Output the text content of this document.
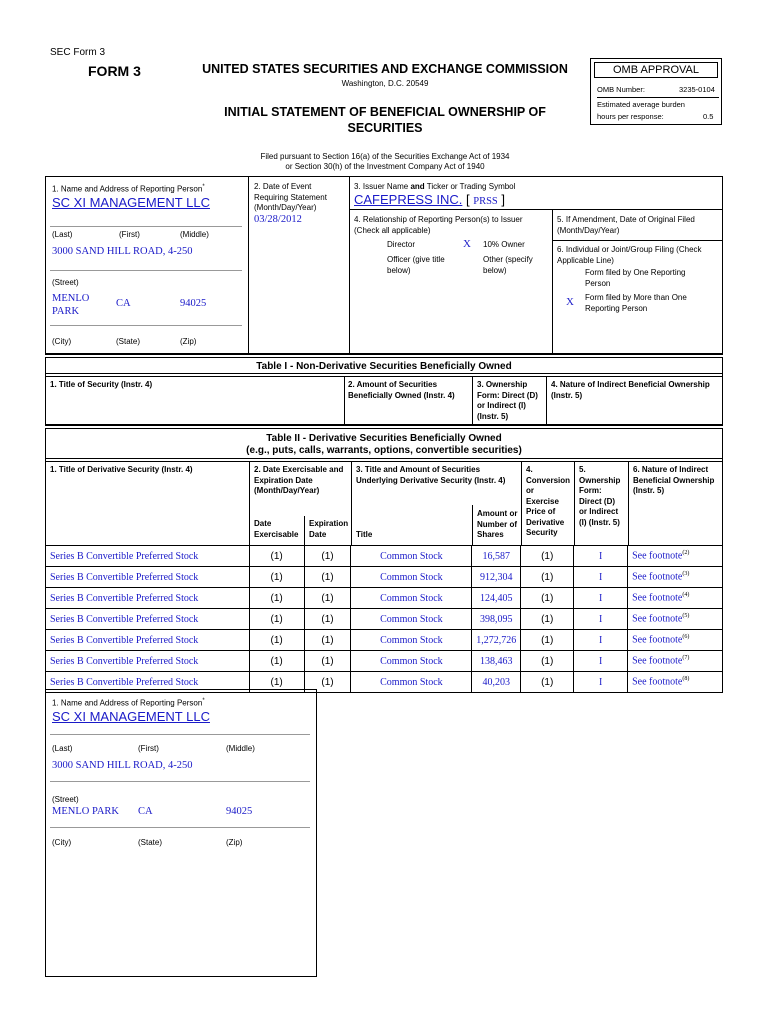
SEC Form 3
FORM 3	UNITED STATES SECURITIES AND EXCHANGE COMMISSION
Washington, D.C. 20549
INITIAL STATEMENT OF BENEFICIAL OWNERSHIP OF
SECURITIES
Filed pursuant to Section 16(a) of the Securities Exchange Act of 1934
or Section 30(h) of the Investment Company Act of 1940
OMB APPROVAL
OMB Number:	3235-0104
Estimated average burden
hours per response:	0.5
1. Name and Address of Reporting Person*
SC XI MANAGEMENT LLC
(Last)	(First)	(Middle)
3000 SAND HILL ROAD, 4-250
(Street)
MENLO
PARK
CA	94025
(City)	(State)	(Zip)
2. Date of Event
Requiring Statement
(Month/Day/Year)
03/28/2012
3. Issuer Name and Ticker or Trading Symbol
CAFEPRESS INC. [ PRSS ]
4. Relationship of Reporting Person(s) to Issuer
(Check all applicable)
Director	X 10% Owner
Officer (give title
below)
Other (specify
below)
5. If Amendment, Date of Original Filed
(Month/Day/Year)
6. Individual or Joint/Group Filing (Check
Applicable Line)
Form filed by One Reporting
Person
X Form filed by More than One
Reporting Person
Table I - Non-Derivative Securities Beneficially Owned
1. Title of Security (Instr. 4)	2. Amount of Securities
Beneficially Owned (Instr. 4)
3. Ownership
Form: Direct (D)
or Indirect (I)
(Instr. 5)
4. Nature of Indirect Beneficial Ownership
(Instr. 5)
Table II - Derivative Securities Beneficially Owned
(e.g., puts, calls, warrants, options, convertible securities)
1. Title of Derivative Security (Instr. 4)	2. Date Exercisable and
Expiration Date
(Month/Day/Year)
Date
Exercisable
Expiration
Date
3. Title and Amount of Securities
Underlying Derivative Security (Instr. 4)
Title
Amount or
Number of
Shares
4.
Conversion
or
Exercise
Price of
Derivative
Security
5.
Ownership
Form:
Direct (D)
or Indirect
(I) (Instr. 5)
6. Nature of Indirect
Beneficial Ownership
(Instr. 5)
Series B Convertible Preferred Stock	(1)	(1)	Common Stock	16,587	(1)	I	See footnote$^{(2)}$
Series B Convertible Preferred Stock	(1)	(1)	Common Stock	912,304	(1)	I	See footnote$^{(3)}$
Series B Convertible Preferred Stock	(1)	(1)	Common Stock	124,405	(1)	I	See footnote$^{(4)}$
Series B Convertible Preferred Stock	(1)	(1)	Common Stock	398,095	(1)	I	See footnote$^{(5)}$
Series B Convertible Preferred Stock	(1)	(1)	Common Stock	1,272,726	(1)	I	See footnote$^{(6)}$
Series B Convertible Preferred Stock	(1)	(1)	Common Stock	138,463	(1)	I	See footnote$^{(7)}$
Series B Convertible Preferred Stock	(1)	(1)	Common Stock	40,203	(1)	I	See footnote$^{(8)}$
1. Name and Address of Reporting Person*
SC XI MANAGEMENT LLC
(Last)	(First)	(Middle)
3000 SAND HILL ROAD, 4-250
(Street)
MENLO PARK CA	94025
(City)	(State)	(Zip)
